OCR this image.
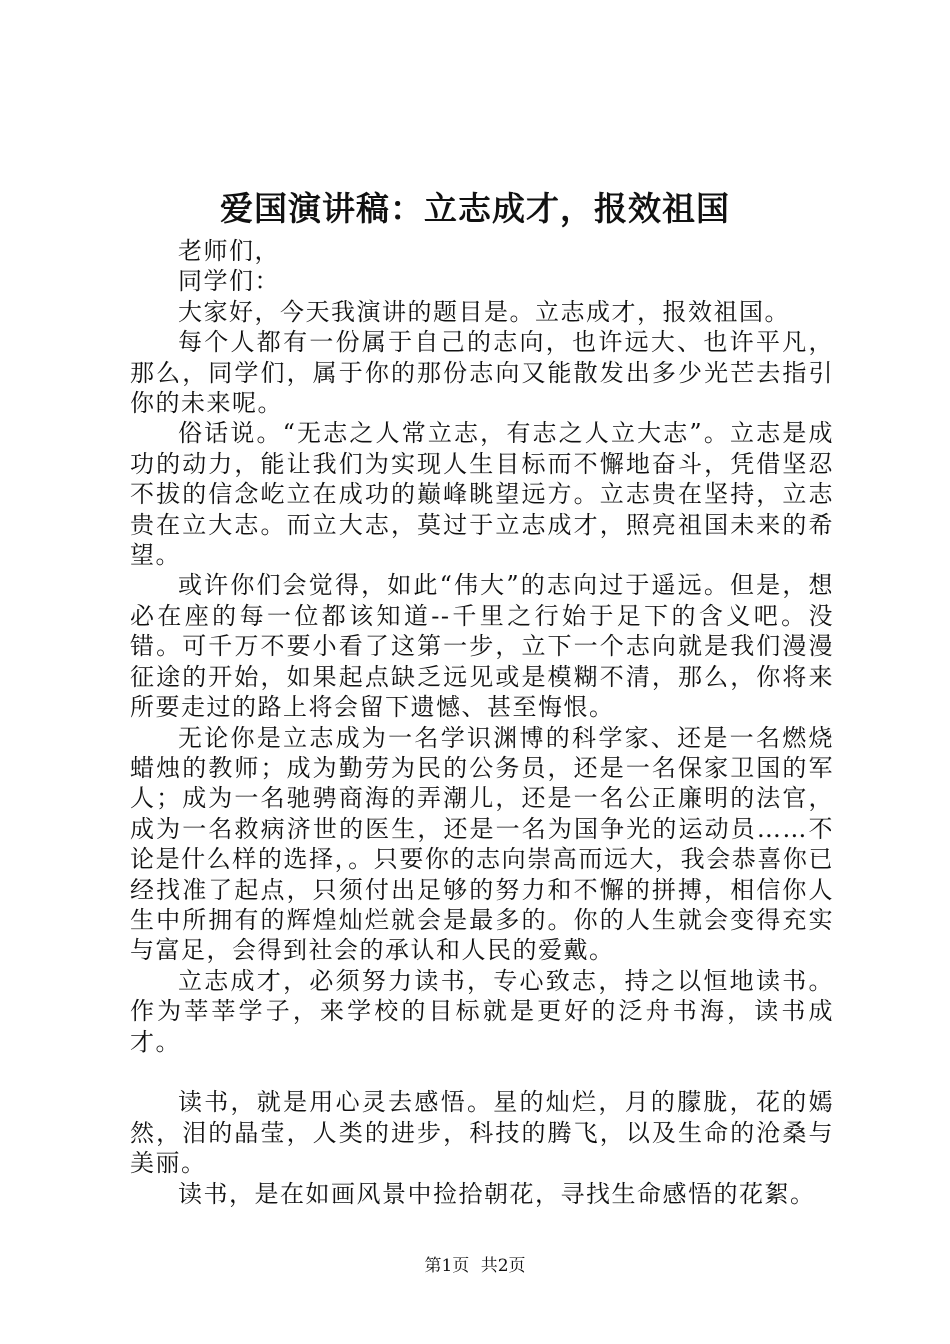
爱国演讲稿：立志成才，报效祖国

老师们，

同学们：

大家好，今天我演讲的题目是。立志成才，报效祖国。

每个人都有一份属于自己的志向，也许远大、也许平凡，那么，同学们，属于你的那份志向又能散发出多少光芒去指引你的未来呢。

俗话说。“无志之人常立志，有志之人立大志”。立志是成功的动力，能让我们为实现人生目标而不懈地奋斗，凭借坚忍不拔的信念屹立在成功的巅峰眺望远方。立志贵在坚持，立志贵在立大志。而立大志，莫过于立志成才，照亮祖国未来的希望。

或许你们会觉得，如此“伟大”的志向过于遥远。但是，想必在座的每一位都该知道--千里之行始于足下的含义吧。没错。可千万不要小看了这第一步，立下一个志向就是我们漫漫征途的开始，如果起点缺乏远见或是模糊不清，那么，你将来所要走过的路上将会留下遗憾、甚至悔恨。

无论你是立志成为一名学识渊博的科学家、还是一名燃烧蜡烛的教师；成为勤劳为民的公务员，还是一名保家卫国的军人；成为一名驰骋商海的弄潮儿，还是一名公正廉明的法官，成为一名救病济世的医生，还是一名为国争光的运动员……不论是什么样的选择，。只要你的志向崇高而远大，我会恭喜你已经找准了起点，只须付出足够的努力和不懈的拼搏，相信你人生中所拥有的辉煌灿烂就会是最多的。你的人生就会变得充实与富足，会得到社会的承认和人民的爱戴。

立志成才，必须努力读书，专心致志，持之以恒地读书。作为莘莘学子，来学校的目标就是更好的泛舟书海，读书成才。

读书，就是用心灵去感悟。星的灿烂，月的朦胧，花的嫣然，泪的晶莹，人类的进步，科技的腾飞，以及生命的沧桑与美丽。

读书，是在如画风景中捡拾朝花，寻找生命感悟的花絮。

第1页 共2页
